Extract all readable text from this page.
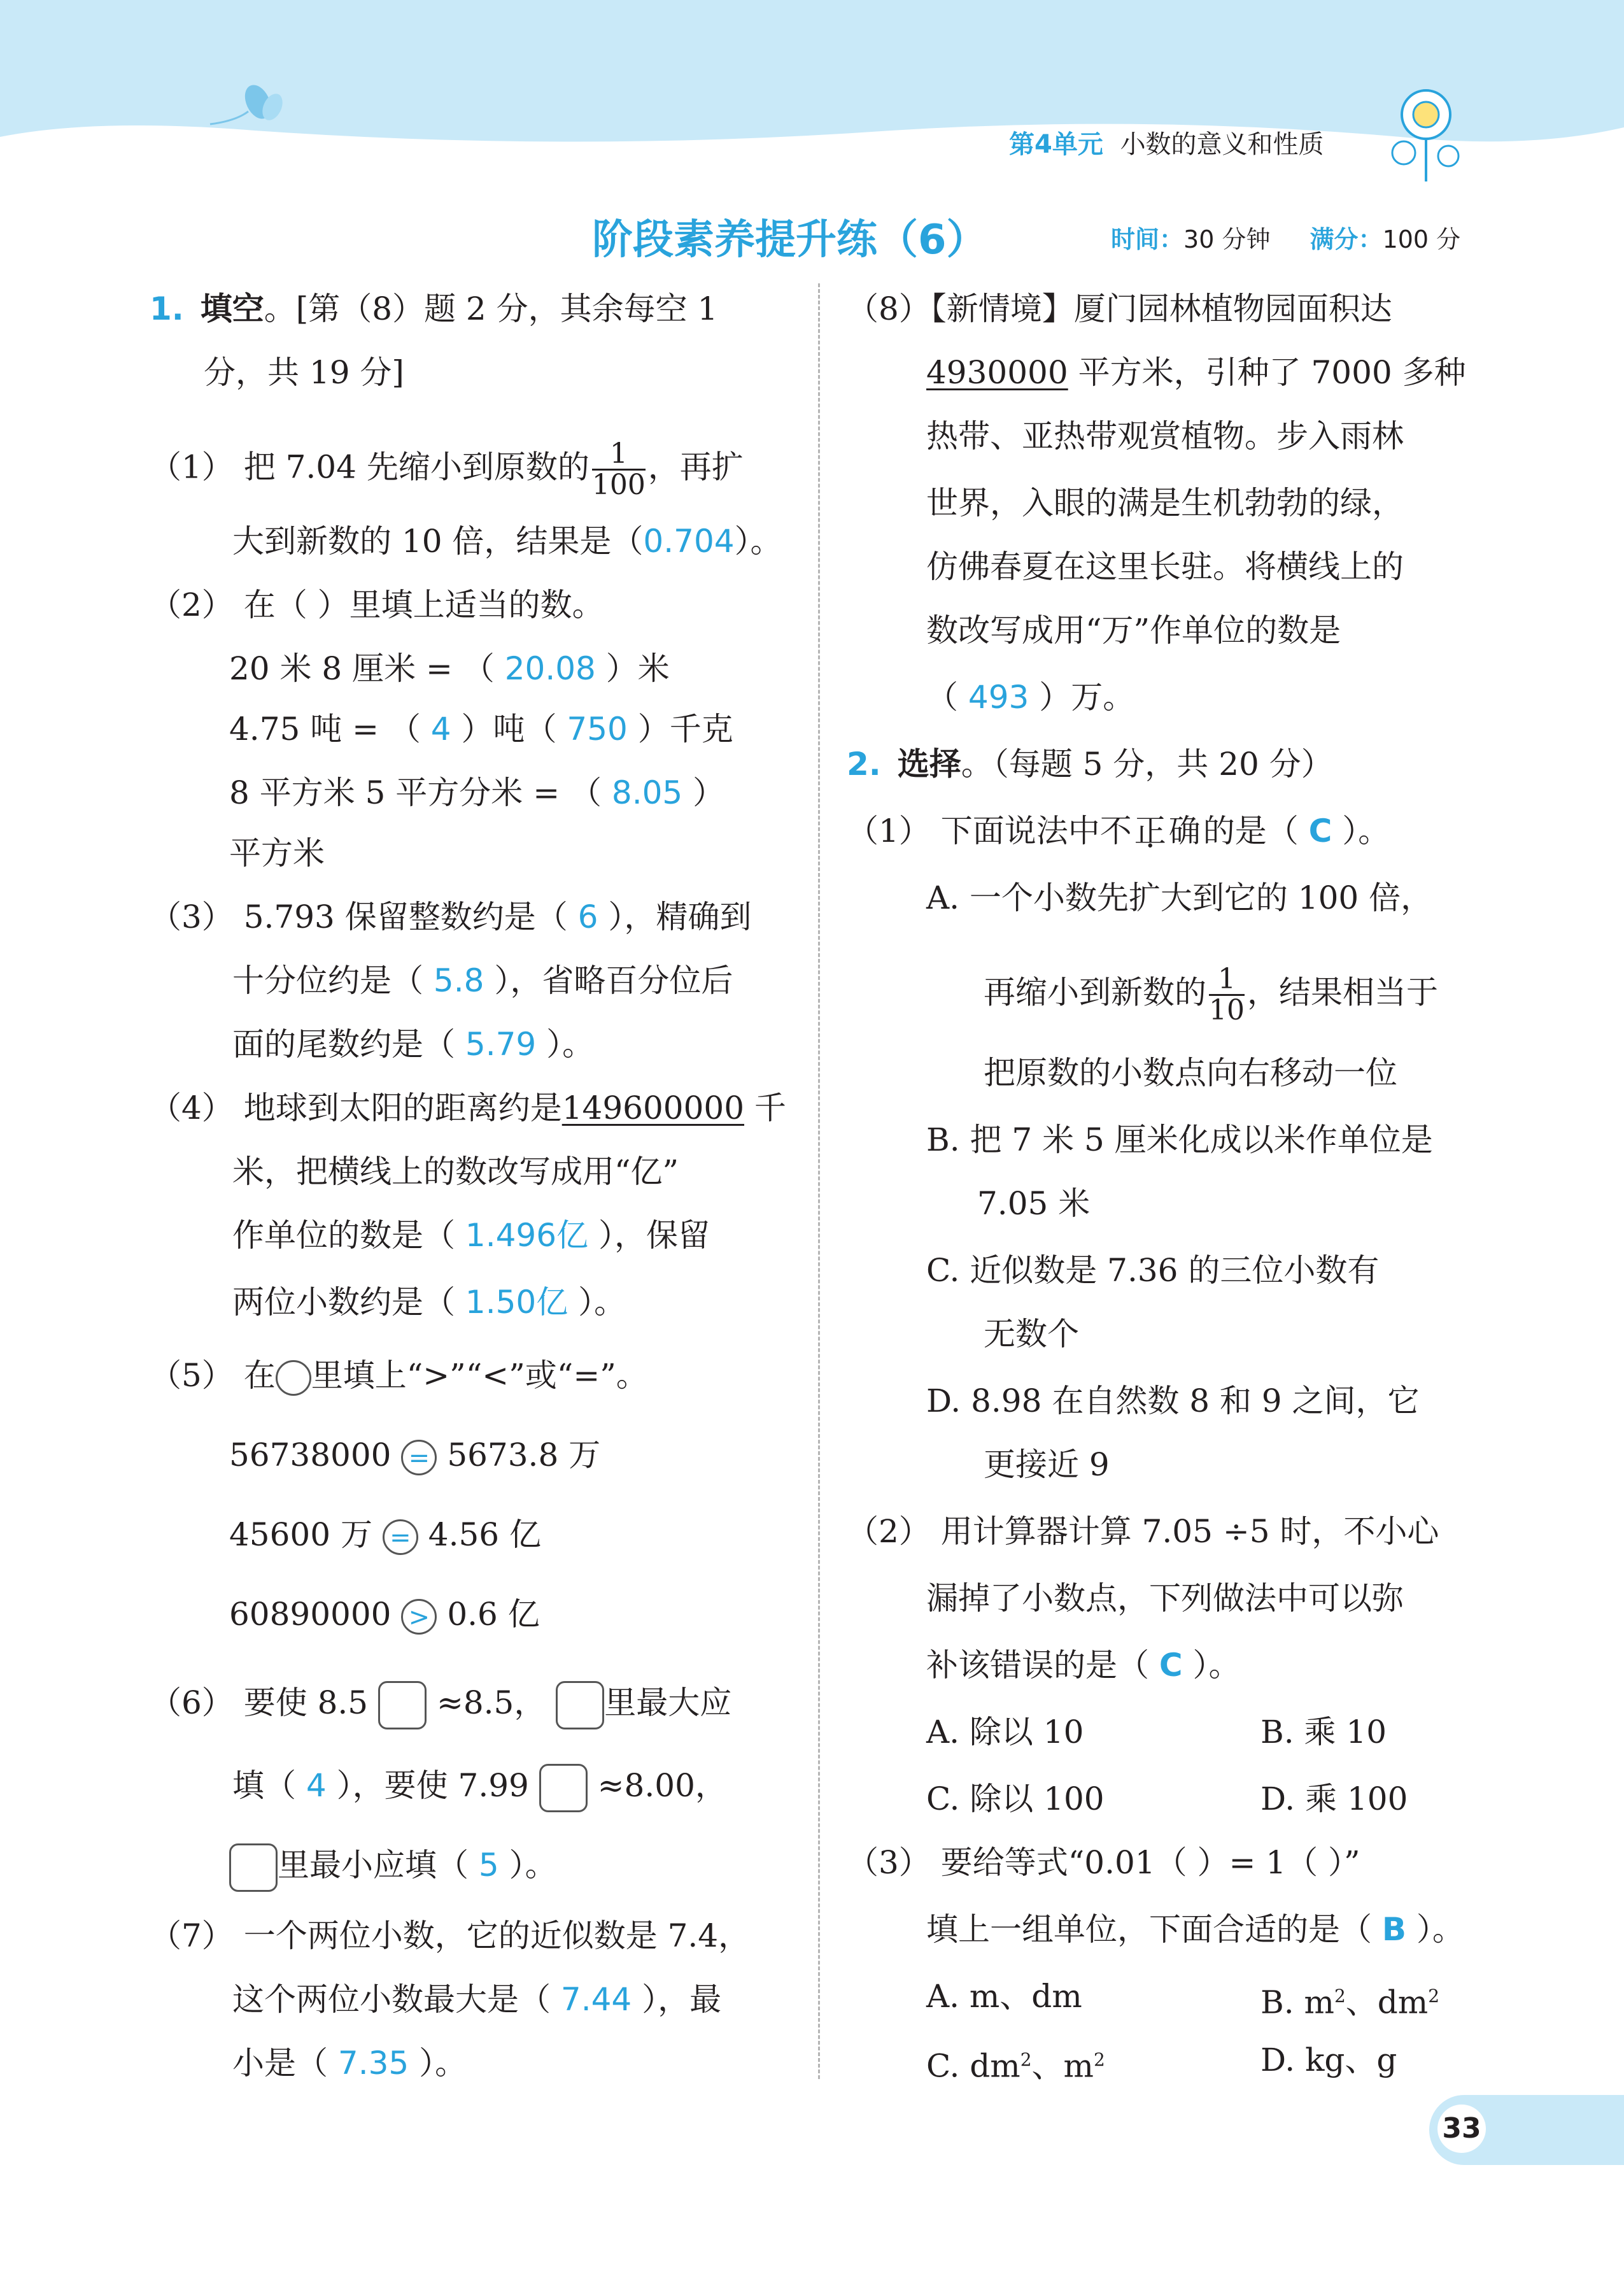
第4单元 小数的意义和性质
阶段素养提升练（6）	时间：30 分钟 满分：100 分
1. 填空。[第（8）题 2 分，其余每空 1
分，共 19 分]
（1） 把 7.04 先缩小到原数的 $\frac{1}{100}$ ，再扩
大到新数的 10 倍，结果是（0.704）。
（2） 在（ ）里填上适当的数。
20 米 8 厘米 = （ 20.08 ）米
4.75 吨 = （ 4 ）吨（ 750 ）千克
8 平方米 5 平方分米 = （ 8.05 ）
平方米
（3） 5.793 保留整数约是（ 6 ），精确到
十分位约是（ 5.8 ），省略百分位后
面的尾数约是（ 5.79 ）。
（4） 地球到太阳的距离约是149600000 千
米，把横线上的数改写成用“亿”
作单位的数是（ 1.496亿 ），保留
两位小数约是（ 1.50亿 ）。
（5） 在 里填上“>”“<”或“=”。
56738000 = 5673.8 万
45600 万 = 4.56 亿
60890000 > 0.6 亿
（6） 要使 8.5 ≈8.5， 里最大应
填（ 4 ），要使 7.99 ≈8.00，
里最小应填（ 5 ）。
（7） 一个两位小数，它的近似数是 7.4，
这个两位小数最大是（ 7.44 ），最
小是（ 7.35 ）。
（8）【新情境】厦门园林植物园面积达
4930000 平方米，引种了 7000 多种
热带、亚热带观赏植物。步入雨林
世界，入眼的满是生机勃勃的绿，
仿佛春夏在这里长驻。将横线上的
数改写成用“万”作单位的数是
（ 493 ）万。
2. 选择。（每题 5 分，共 20 分）
（1） 下面说法中不正确的是（ C ）。
A. 一个小数先扩大到它的 100 倍，
再缩小到新数的 $\frac{1}{10}$ ，结果相当于
把原数的小数点向右移动一位
B. 把 7 米 5 厘米化成以米作单位是
7.05 米
C. 近似数是 7.36 的三位小数有
无数个
D. 8.98 在自然数 8 和 9 之间，它
更接近 9
（2） 用计算器计算 7.05 ÷5 时，不小心
漏掉了小数点，下列做法中可以弥
补该错误的是（ C ）。
A. 除以 10	B. 乘 10
C. 除以 100	D. 乘 100
（3） 要给等式“0.01（ ）= 1（ ）”
填上一组单位，下面合适的是（ B ）。
A. m、dm	B. $m^2$、$dm^2$
C. $dm^2$、$m^2$	D. kg、g
33
